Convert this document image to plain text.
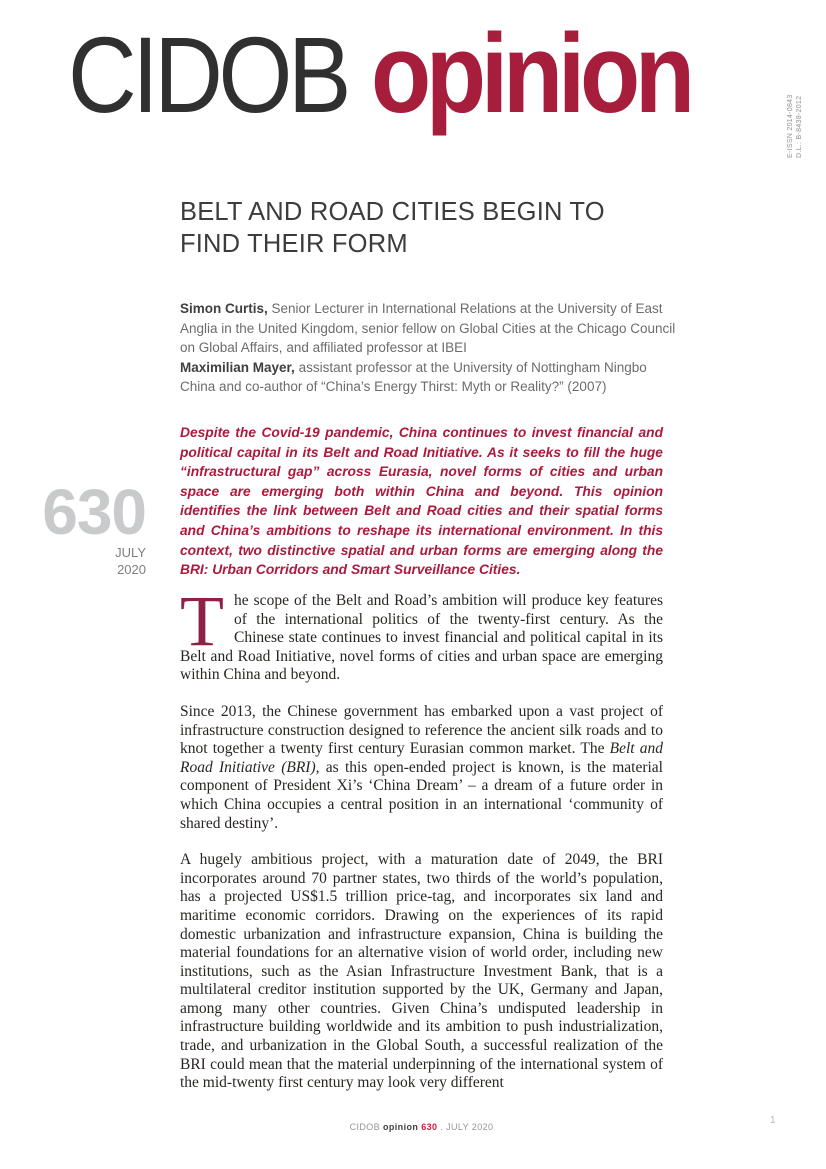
CIDOB opinion	E-ISSN 2014-0843 D.L.: B-8438-2012
BELT AND ROAD CITIES BEGIN TO FIND THEIR FORM
Simon Curtis, Senior Lecturer in International Relations at the University of East Anglia in the United Kingdom, senior fellow on Global Cities at the Chicago Council on Global Affairs, and affiliated professor at IBEI
Maximilian Mayer, assistant professor at the University of Nottingham Ningbo China and co-author of “China’s Energy Thirst: Myth or Reality?” (2007)
Despite the Covid-19 pandemic, China continues to invest financial and political capital in its Belt and Road Initiative. As it seeks to fill the huge “infrastructural gap” across Eurasia, novel forms of cities and urban space are emerging both within China and beyond. This opinion identifies the link between Belt and Road cities and their spatial forms and China’s ambitions to reshape its international environment. In this context, two distinctive spatial and urban forms are emerging along the BRI: Urban Corridors and Smart Surveillance Cities.
630
JULY
2020

The scope of the Belt and Road’s ambition will produce key features of the international politics of the twenty-first century. As the Chinese state continues to invest financial and political capital in its Belt and Road Initiative, novel forms of cities and urban space are emerging within China and beyond.

Since 2013, the Chinese government has embarked upon a vast project of infrastructure construction designed to reference the ancient silk roads and to knot together a twenty first century Eurasian common market. The Belt and Road Initiative (BRI), as this open-ended project is known, is the material component of President Xi’s ‘China Dream’ – a dream of a future order in which China occupies a central position in an international ‘community of shared destiny’.

A hugely ambitious project, with a maturation date of 2049, the BRI incorporates around 70 partner states, two thirds of the world’s population, has a projected US$1.5 trillion price-tag, and incorporates six land and maritime economic corridors. Drawing on the experiences of its rapid domestic urbanization and infrastructure expansion, China is building the material foundations for an alternative vision of world order, including new institutions, such as the Asian Infrastructure Investment Bank, that is a multilateral creditor institution supported by the UK, Germany and Japan, among many other countries. Given China’s undisputed leadership in infrastructure building worldwide and its ambition to push industrialization, trade, and urbanization in the Global South, a successful realization of the BRI could mean that the material underpinning of the international system of the mid-twenty first century may look very different

CIDOB opinion 630 . JULY 2020
1
